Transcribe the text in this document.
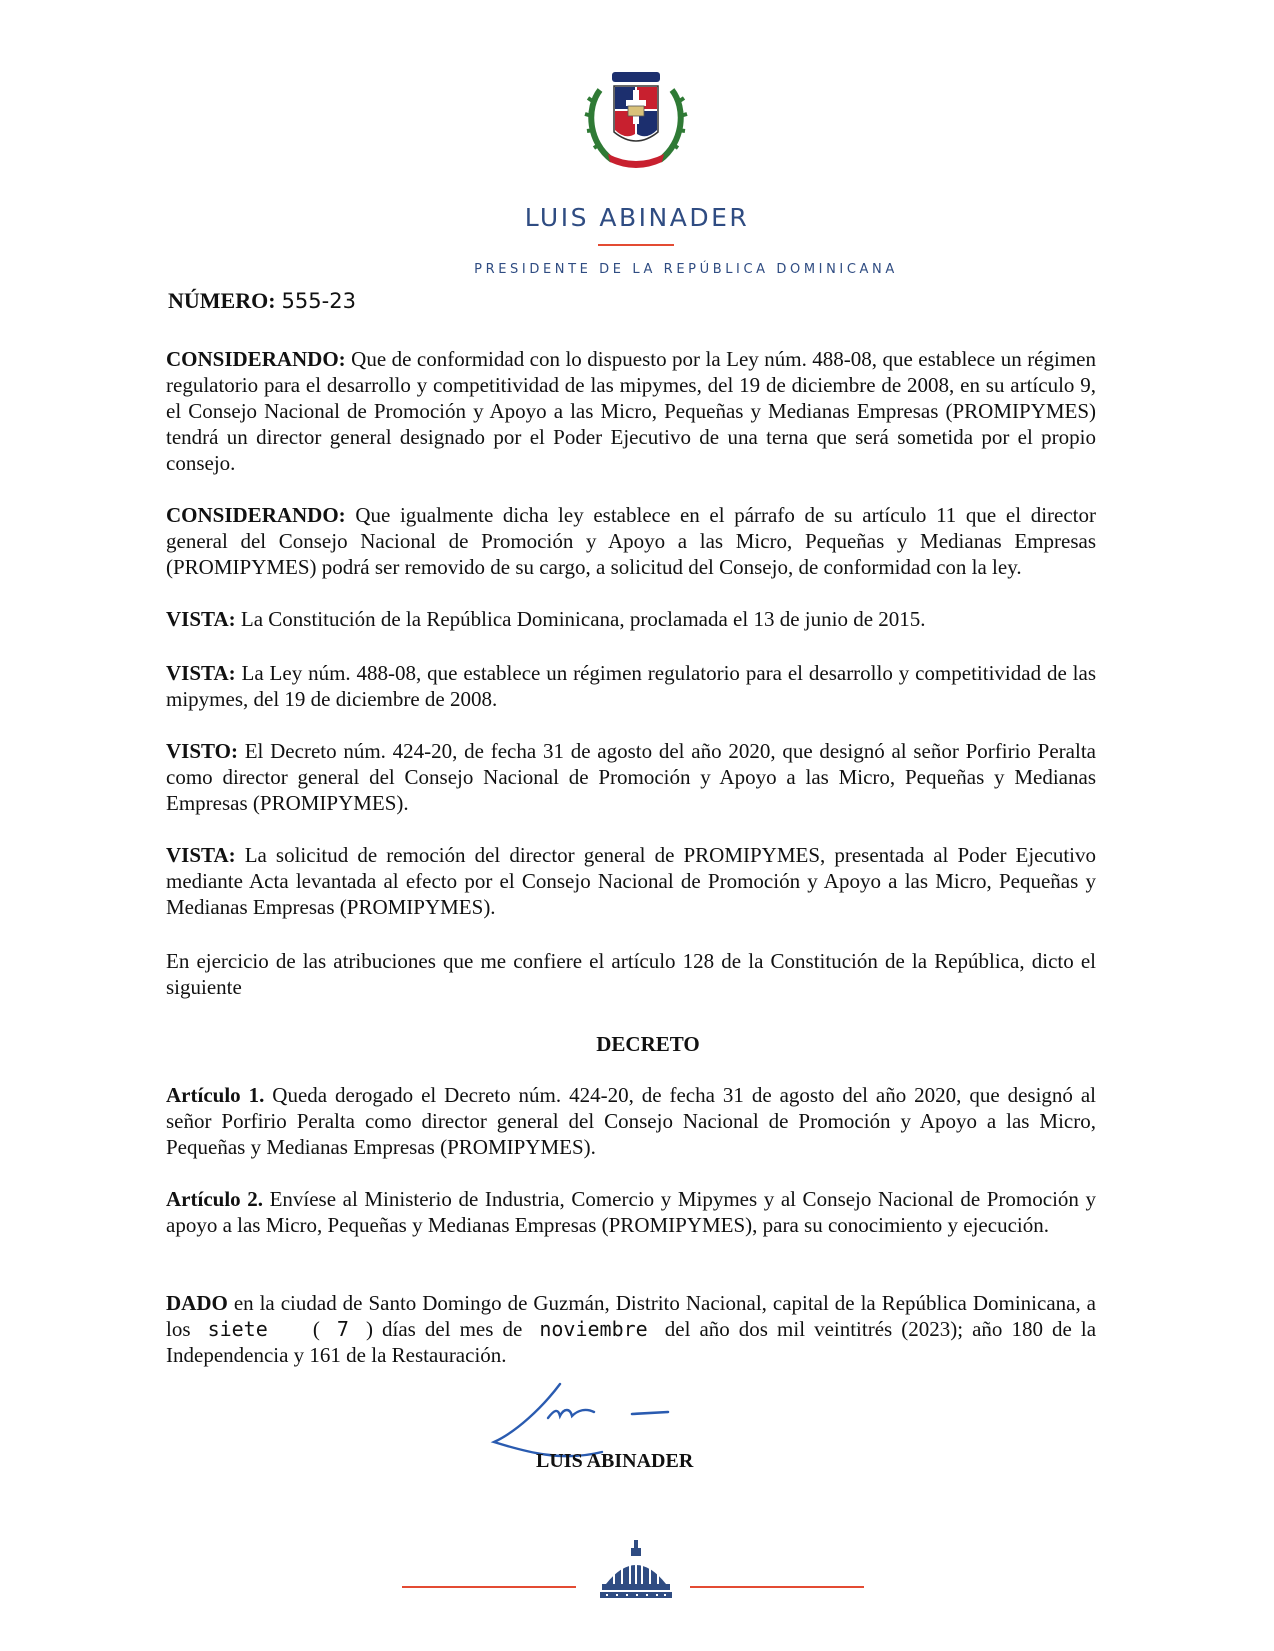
LUIS ABINADER
PRESIDENTE DE LA REPÚBLICA DOMINICANA
NÚMERO: 555-23

CONSIDERANDO: Que de conformidad con lo dispuesto por la Ley núm. 488-08, que establece un régimen regulatorio para el desarrollo y competitividad de las mipymes, del 19 de diciembre de 2008, en su artículo 9, el Consejo Nacional de Promoción y Apoyo a las Micro, Pequeñas y Medianas Empresas (PROMIPYMES) tendrá un director general designado por el Poder Ejecutivo de una terna que será sometida por el propio consejo.

CONSIDERANDO: Que igualmente dicha ley establece en el párrafo de su artículo 11 que el director general del Consejo Nacional de Promoción y Apoyo a las Micro, Pequeñas y Medianas Empresas (PROMIPYMES) podrá ser removido de su cargo, a solicitud del Consejo, de conformidad con la ley.

VISTA: La Constitución de la República Dominicana, proclamada el 13 de junio de 2015.

VISTA: La Ley núm. 488-08, que establece un régimen regulatorio para el desarrollo y competitividad de las mipymes, del 19 de diciembre de 2008.

VISTO: El Decreto núm. 424-20, de fecha 31 de agosto del año 2020, que designó al señor Porfirio Peralta como director general del Consejo Nacional de Promoción y Apoyo a las Micro, Pequeñas y Medianas Empresas (PROMIPYMES).

VISTA: La solicitud de remoción del director general de PROMIPYMES, presentada al Poder Ejecutivo mediante Acta levantada al efecto por el Consejo Nacional de Promoción y Apoyo a las Micro, Pequeñas y Medianas Empresas (PROMIPYMES).

En ejercicio de las atribuciones que me confiere el artículo 128 de la Constitución de la República, dicto el siguiente

DECRETO

Artículo 1. Queda derogado el Decreto núm. 424-20, de fecha 31 de agosto del año 2020, que designó al señor Porfirio Peralta como director general del Consejo Nacional de Promoción y Apoyo a las Micro, Pequeñas y Medianas Empresas (PROMIPYMES).

Artículo 2. Envíese al Ministerio de Industria, Comercio y Mipymes y al Consejo Nacional de Promoción y apoyo a las Micro, Pequeñas y Medianas Empresas (PROMIPYMES), para su conocimiento y ejecución.

DADO en la ciudad de Santo Domingo de Guzmán, Distrito Nacional, capital de la República Dominicana, a los siete ( 7 ) días del mes de noviembre del año dos mil veintitrés (2023); año 180 de la Independencia y 161 de la Restauración.

LUIS ABINADER
